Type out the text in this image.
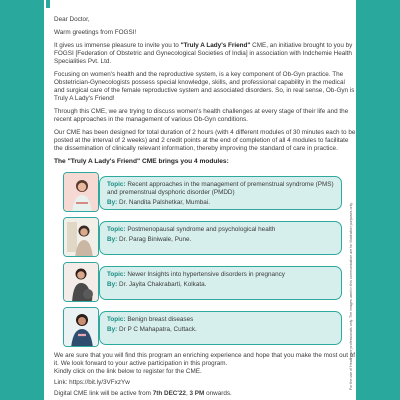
Dear Doctor,

Warm greetings from FOGSI!

It gives us immense pleasure to invite you to "Truly A Lady's Friend" CME, an initiative brought to you by FOGSI [Federation of Obstetric and Gynecological Societies of India] in association with Indchemie Health Specialities Pvt. Ltd.

Focusing on women's health and the reproductive system, is a key component of Ob-Gyn practice. The Obstetrician-Gynecologists possess special knowledge, skills, and professional capability in the medical and surgical care of the female reproductive system and associated disorders. So, in real sense, Ob-Gyn is Truly A Lady's Friend!

Through this CME, we are trying to discuss women's health challenges at every stage of their life and the recent approaches in the management of various Ob-Gyn conditions.

Our CME has been designed for total duration of 2 hours (with 4 different modules of 30 minutes each to be posted at the interval of 2 weeks) and 2 credit points at the end of completion of all 4 modules to facilitate the dissemination of clinically relevant information, thereby improving the standard of care in practice.

The "Truly A Lady's Friend" CME brings you 4 modules:

Topic: Recent approaches in the management of premenstrual syndrome (PMS) and premenstrual dysphoric disorder (PMDD)
By: Dr. Nandita Palshetkar, Mumbai.
Topic: Postmenopausal syndrome and psychological health
By: Dr. Parag Biniwale, Pune.
Topic: Newer Insights into hypertensive disorders in pregnancy
By: Dr. Jayita Chakrabarti, Kolkata.
Topic: Benign breast diseases
By: Dr P C Mahapatra, Cuttack.

We are sure that you will find this program an enriching experience and hope that you make the most out of it. We look forward to your active participation in this program.

Kindly click on the link below to register for the CME.

Link: https://bit.ly/3VFxzYw

Digital CME link will be active from 7th DEC'22, 3 PM onwards.

For the use of Healthcare professionals only. The images used in this communication are for illustration purposes only.
